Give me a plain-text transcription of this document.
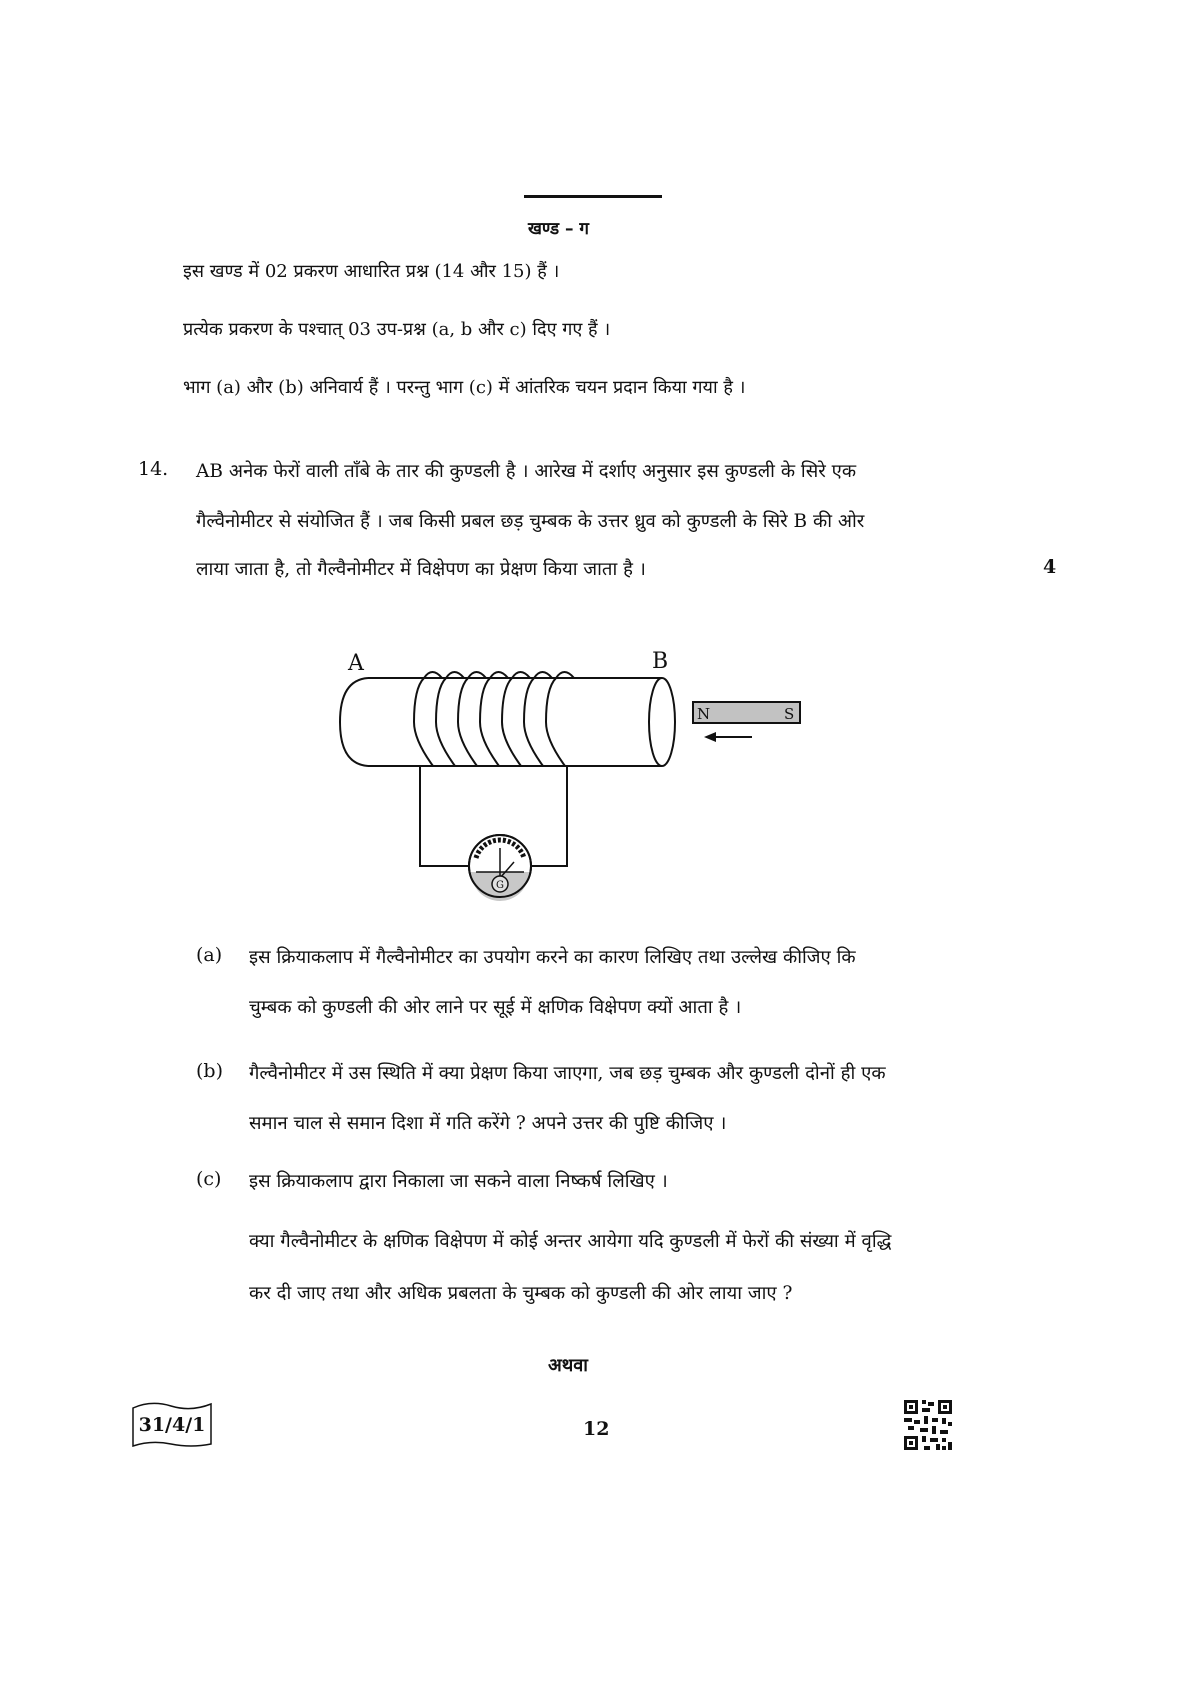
खण्ड – ग
इस खण्ड में 02 प्रकरण आधारित प्रश्न (14 और 15) हैं ।
प्रत्येक प्रकरण के पश्चात् 03 उप-प्रश्न (a, b और c) दिए गए हैं ।
भाग (a) और (b) अनिवार्य हैं । परन्तु भाग (c) में आंतरिक चयन प्रदान किया गया है ।
14. AB अनेक फेरों वाली ताँबे के तार की कुण्डली है । आरेख में दर्शाए अनुसार इस कुण्डली के सिरे एक
गैल्वैनोमीटर से संयोजित हैं । जब किसी प्रबल छड़ चुम्बक के उत्तर ध्रुव को कुण्डली के सिरे B की ओर
लाया जाता है, तो गैल्वैनोमीटर में विक्षेपण का प्रेक्षण किया जाता है ।	4
A	B
G
N	S
(a) इस क्रियाकलाप में गैल्वैनोमीटर का उपयोग करने का कारण लिखिए तथा उल्लेख कीजिए कि
चुम्बक को कुण्डली की ओर लाने पर सूई में क्षणिक विक्षेपण क्यों आता है ।
(b) गैल्वैनोमीटर में उस स्थिति में क्या प्रेक्षण किया जाएगा, जब छड़ चुम्बक और कुण्डली दोनों ही एक
समान चाल से समान दिशा में गति करेंगे ? अपने उत्तर की पुष्टि कीजिए ।
(c) इस क्रियाकलाप द्वारा निकाला जा सकने वाला निष्कर्ष लिखिए ।
क्या गैल्वैनोमीटर के क्षणिक विक्षेपण में कोई अन्तर आयेगा यदि कुण्डली में फेरों की संख्या में वृद्धि
कर दी जाए तथा और अधिक प्रबलता के चुम्बक को कुण्डली की ओर लाया जाए ?
अथवा
31/4/1	12
